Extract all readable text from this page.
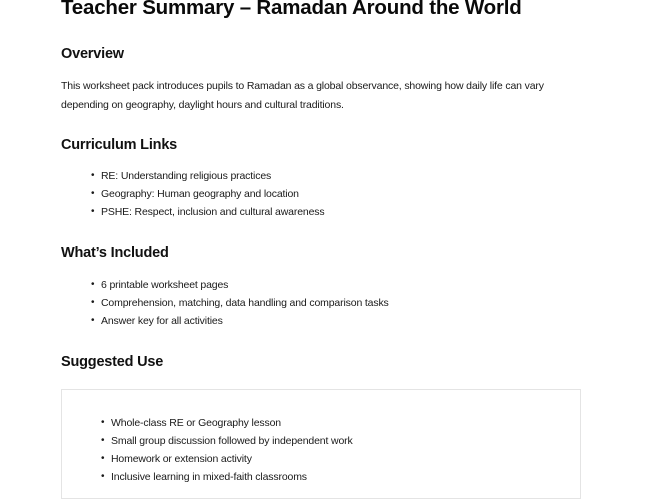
Teacher Summary – Ramadan Around the World
Overview

This worksheet pack introduces pupils to Ramadan as a global observance, showing how daily life can vary
depending on geography, daylight hours and cultural traditions.

Curriculum Links
• RE: Understanding religious practices
• Geography: Human geography and location
• PSHE: Respect, inclusion and cultural awareness
What’s Included
• 6 printable worksheet pages
• Comprehension, matching, data handling and comparison tasks
• Answer key for all activities
Suggested Use
• Whole-class RE or Geography lesson
• Small group discussion followed by independent work
• Homework or extension activity
• Inclusive learning in mixed-faith classrooms
